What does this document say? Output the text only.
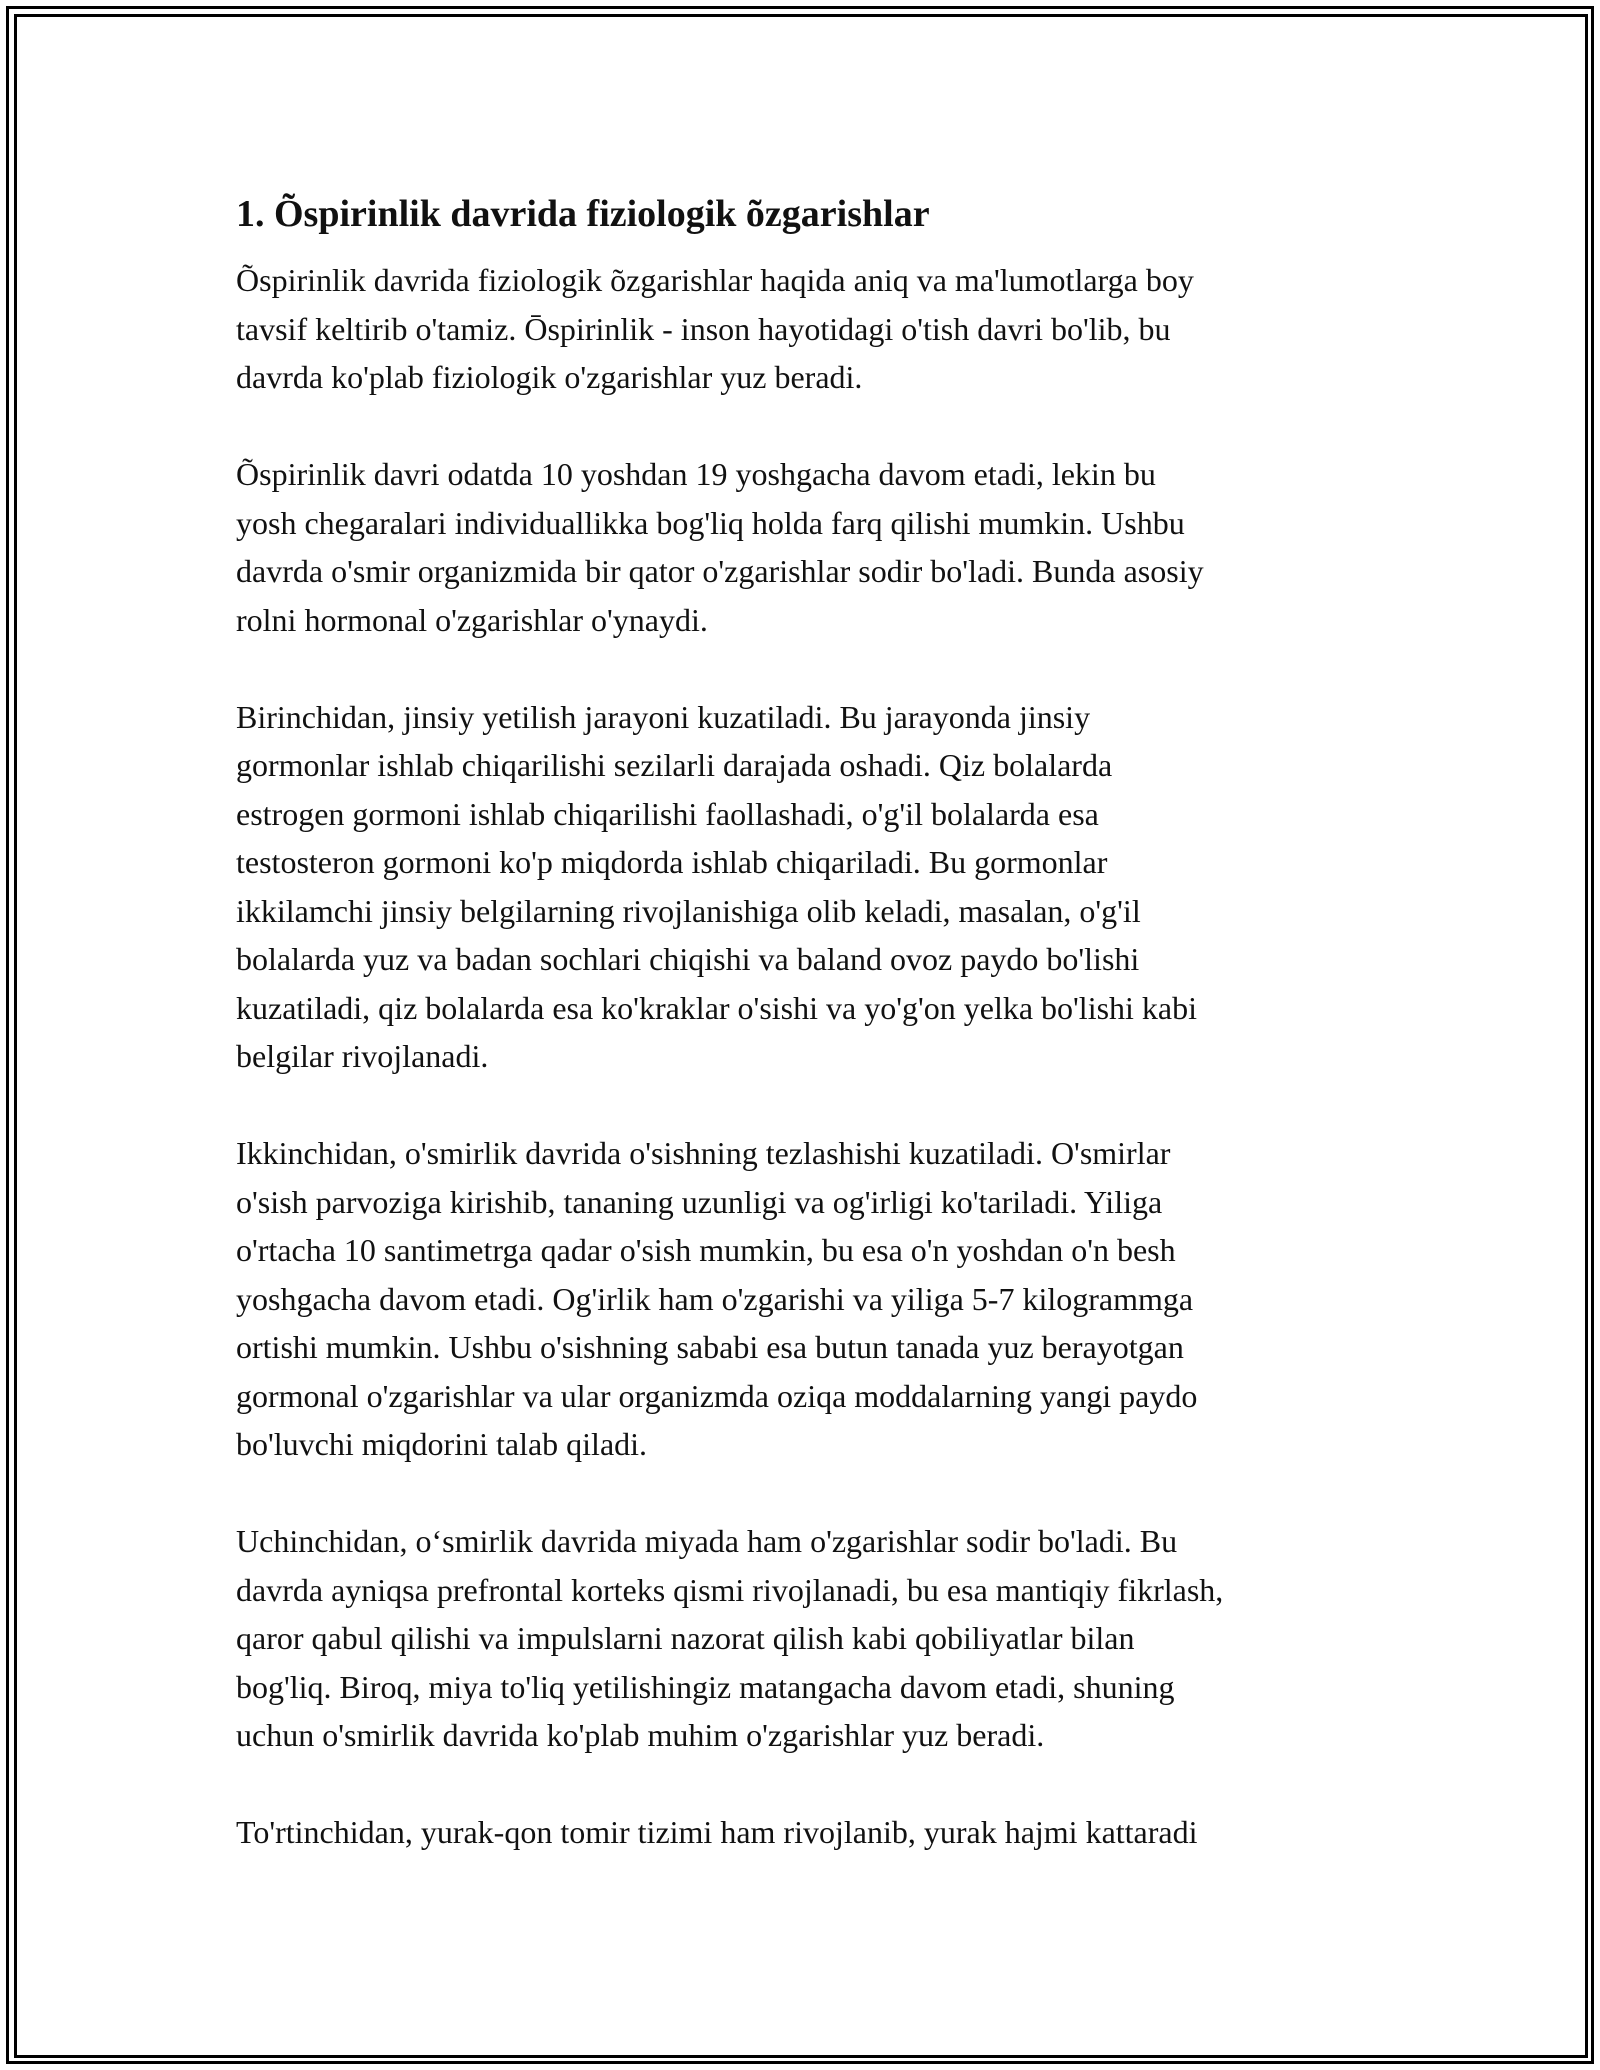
1. Õspirinlik davrida fiziologik õzgarishlar

Õspirinlik davrida fiziologik õzgarishlar haqida aniq va ma'lumotlarga boy
tavsif keltirib o'tamiz. Ōspirinlik - inson hayotidagi o'tish davri bo'lib, bu
davrda ko'plab fiziologik o'zgarishlar yuz beradi.

Õspirinlik davri odatda 10 yoshdan 19 yoshgacha davom etadi, lekin bu
yosh chegaralari individuallikka bog'liq holda farq qilishi mumkin. Ushbu
davrda o'smir organizmida bir qator o'zgarishlar sodir bo'ladi. Bunda asosiy
rolni hormonal o'zgarishlar o'ynaydi.

Birinchidan, jinsiy yetilish jarayoni kuzatiladi. Bu jarayonda jinsiy
gormonlar ishlab chiqarilishi sezilarli darajada oshadi. Qiz bolalarda
estrogen gormoni ishlab chiqarilishi faollashadi, o'g'il bolalarda esa
testosteron gormoni ko'p miqdorda ishlab chiqariladi. Bu gormonlar
ikkilamchi jinsiy belgilarning rivojlanishiga olib keladi, masalan, o'g'il
bolalarda yuz va badan sochlari chiqishi va baland ovoz paydo bo'lishi
kuzatiladi, qiz bolalarda esa ko'kraklar o'sishi va yo'g'on yelka bo'lishi kabi
belgilar rivojlanadi.

Ikkinchidan, o'smirlik davrida o'sishning tezlashishi kuzatiladi. O'smirlar
o'sish parvoziga kirishib, tananing uzunligi va og'irligi ko'tariladi. Yiliga
o'rtacha 10 santimetrga qadar o'sish mumkin, bu esa o'n yoshdan o'n besh
yoshgacha davom etadi. Og'irlik ham o'zgarishi va yiliga 5-7 kilogrammga
ortishi mumkin. Ushbu o'sishning sababi esa butun tanada yuz berayotgan
gormonal o'zgarishlar va ular organizmda oziqa moddalarning yangi paydo
bo'luvchi miqdorini talab qiladi.

Uchinchidan, o‘smirlik davrida miyada ham o'zgarishlar sodir bo'ladi. Bu
davrda ayniqsa prefrontal korteks qismi rivojlanadi, bu esa mantiqiy fikrlash,
qaror qabul qilishi va impulslarni nazorat qilish kabi qobiliyatlar bilan
bog'liq. Biroq, miya to'liq yetilishingiz matangacha davom etadi, shuning
uchun o'smirlik davrida ko'plab muhim o'zgarishlar yuz beradi.

To'rtinchidan, yurak-qon tomir tizimi ham rivojlanib, yurak hajmi kattaradi
